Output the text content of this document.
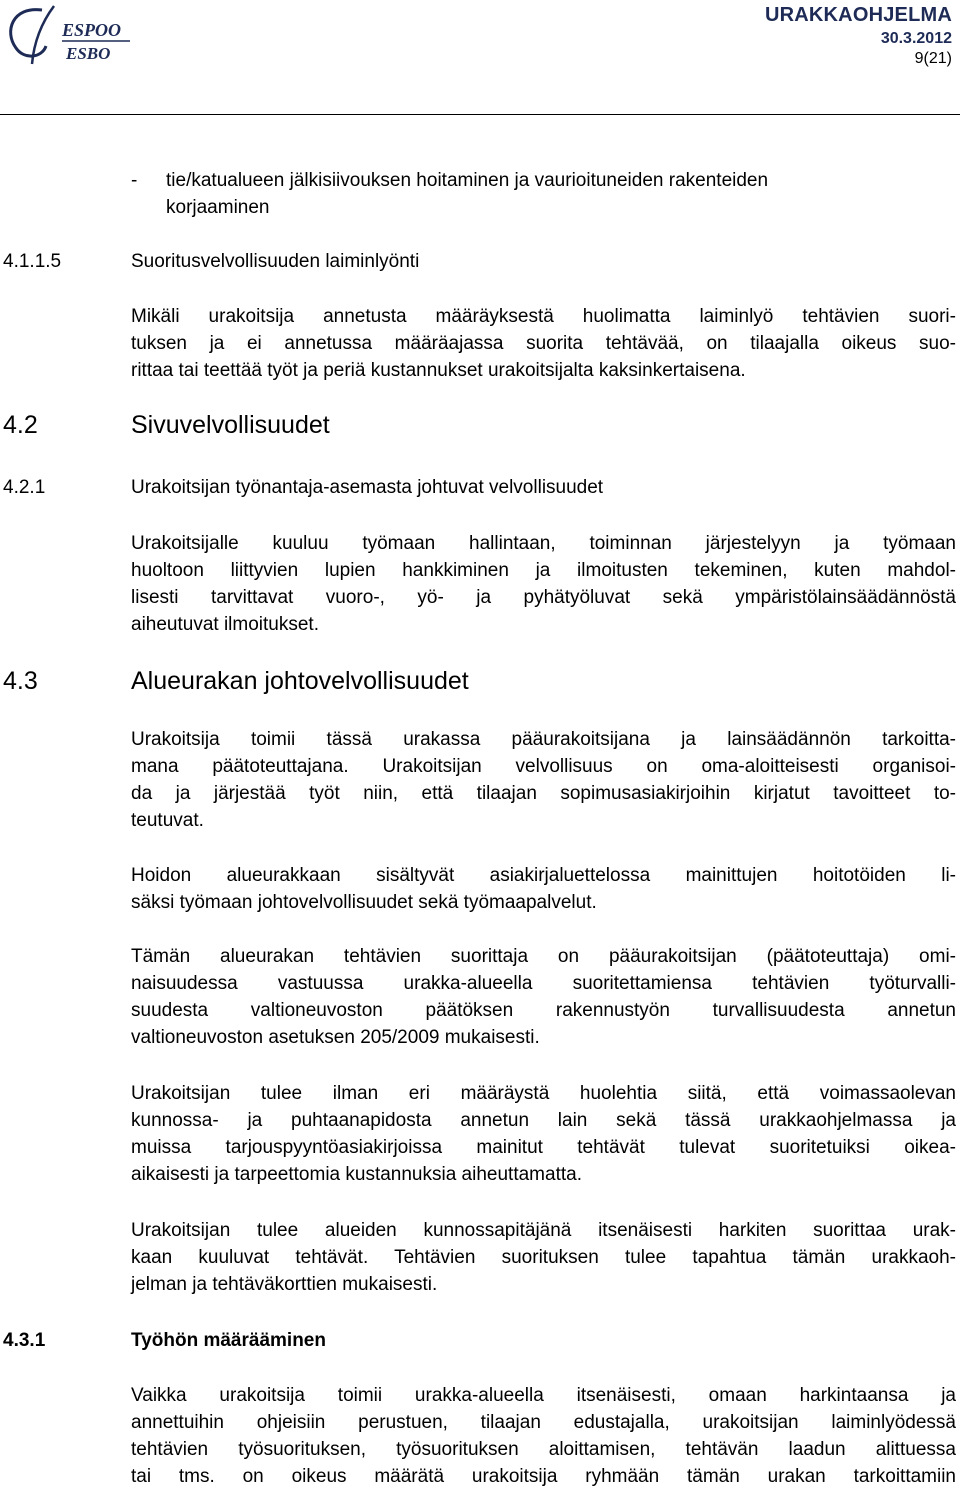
ESPOO
ESBO
URAKKAOHJELMA
30.3.2012
9(21)
- tie/katualueen jälkisiivouksen hoitaminen ja vaurioituneiden rakenteiden
korjaaminen
4.1.1.5	Suoritusvelvollisuuden laiminlyönti
Mikäli urakoitsija annetusta määräyksestä huolimatta laiminlyö tehtävien suori-
tuksen ja ei annetussa määräajassa suorita tehtävää, on tilaajalla oikeus suo-
rittaa tai teettää työt ja periä kustannukset urakoitsijalta kaksinkertaisena.
4.2	Sivuvelvollisuudet
4.2.1	Urakoitsijan työnantaja-asemasta johtuvat velvollisuudet
Urakoitsijalle kuuluu työmaan hallintaan, toiminnan järjestelyyn ja työmaan
huoltoon liittyvien lupien hankkiminen ja ilmoitusten tekeminen, kuten mahdol-
lisesti tarvittavat vuoro-, yö- ja pyhätyöluvat sekä ympäristölainsäädännöstä
aiheutuvat ilmoitukset.
4.3	Alueurakan johtovelvollisuudet
Urakoitsija toimii tässä urakassa pääurakoitsijana ja lainsäädännön tarkoitta-
mana päätoteuttajana. Urakoitsijan velvollisuus on oma-aloitteisesti organisoi-
da ja järjestää työt niin, että tilaajan sopimusasiakirjoihin kirjatut tavoitteet to-
teutuvat.
Hoidon alueurakkaan sisältyvät asiakirjaluettelossa mainittujen hoitotöiden li-
säksi työmaan johtovelvollisuudet sekä työmaapalvelut.
Tämän alueurakan tehtävien suorittaja on pääurakoitsijan (päätoteuttaja) omi-
naisuudessa vastuussa urakka-alueella suoritettamiensa tehtävien työturvalli-
suudesta valtioneuvoston päätöksen rakennustyön turvallisuudesta annetun
valtioneuvoston asetuksen 205/2009 mukaisesti.
Urakoitsijan tulee ilman eri määräystä huolehtia siitä, että voimassaolevan
kunnossa- ja puhtaanapidosta annetun lain sekä tässä urakkaohjelmassa ja
muissa tarjouspyyntöasiakirjoissa mainitut tehtävät tulevat suoritetuiksi oikea-
aikaisesti ja tarpeettomia kustannuksia aiheuttamatta.
Urakoitsijan tulee alueiden kunnossapitäjänä itsenäisesti harkiten suorittaa urak-
kaan kuuluvat tehtävät. Tehtävien suorituksen tulee tapahtua tämän urakkaoh-
jelman ja tehtäväkorttien mukaisesti.
4.3.1	Työhön määrääminen
Vaikka urakoitsija toimii urakka-alueella itsenäisesti, omaan harkintaansa ja
annettuihin ohjeisiin perustuen, tilaajan edustajalla, urakoitsijan laiminlyödessä
tehtävien työsuorituksen, työsuorituksen aloittamisen, tehtävän laadun alittuessa
tai tms. on oikeus määrätä urakoitsija ryhmään tämän urakan tarkoittamiin
